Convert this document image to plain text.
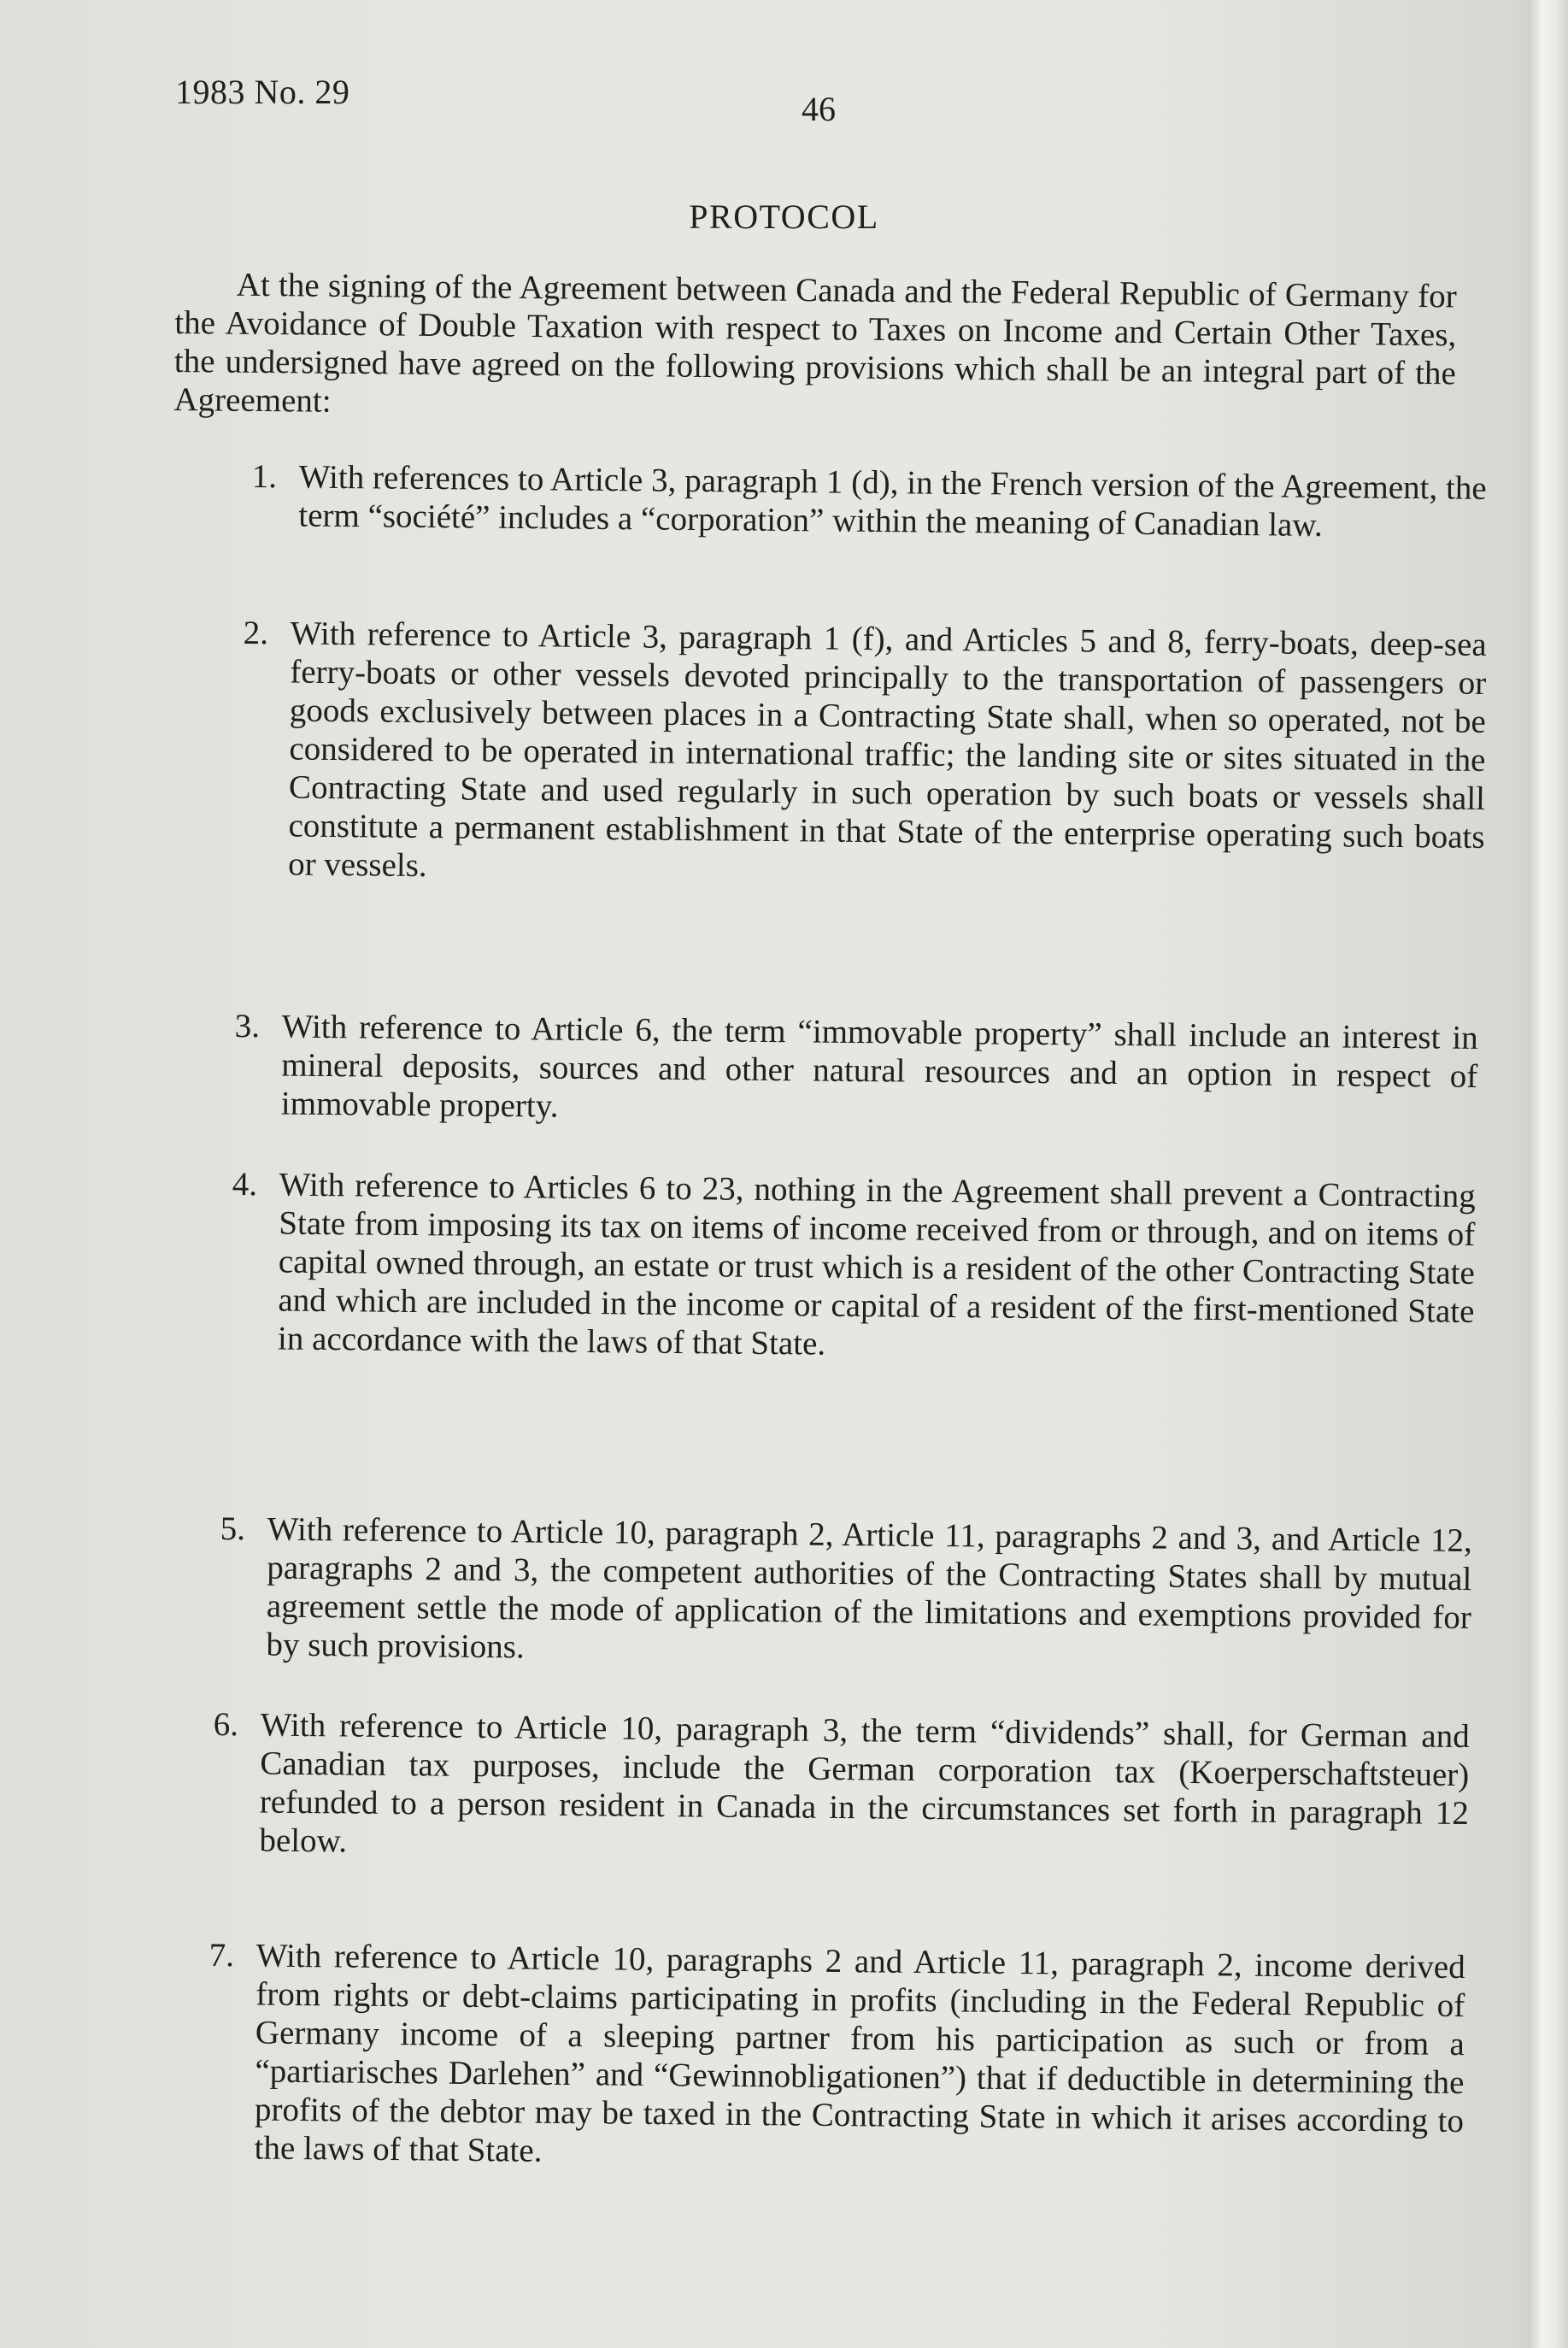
1983 No. 29	46
PROTOCOL
At the signing of the Agreement between Canada and the Federal Republic of Germany for the Avoidance of Double Taxation with respect to Taxes on Income and Certain Other Taxes, the undersigned have agreed on the following provisions which shall be an integral part of the Agreement:
1. With references to Article 3, paragraph 1 (d), in the French version of the Agreement, the term “société” includes a “corporation” within the meaning of Canadian law.
2. With reference to Article 3, paragraph 1 (f), and Articles 5 and 8, ferry-boats, deep-sea ferry-boats or other vessels devoted principally to the transportation of passengers or goods exclusively between places in a Contracting State shall, when so operated, not be considered to be operated in international traffic; the landing site or sites situated in the Contracting State and used regularly in such operation by such boats or vessels shall constitute a permanent establishment in that State of the enterprise operating such boats or vessels.
3. With reference to Article 6, the term “immovable property” shall include an interest in mineral deposits, sources and other natural resources and an option in respect of immovable property.
4. With reference to Articles 6 to 23, nothing in the Agreement shall prevent a Contracting State from imposing its tax on items of income received from or through, and on items of capital owned through, an estate or trust which is a resident of the other Contracting State and which are included in the income or capital of a resident of the first-mentioned State in accordance with the laws of that State.
5. With reference to Article 10, paragraph 2, Article 11, paragraphs 2 and 3, and Article 12, paragraphs 2 and 3, the competent authorities of the Contracting States shall by mutual agreement settle the mode of application of the limitations and exemptions provided for by such provisions.
6. With reference to Article 10, paragraph 3, the term “dividends” shall, for German and Canadian tax purposes, include the German corporation tax (Koerperschaftsteuer) refunded to a person resident in Canada in the circumstances set forth in paragraph 12 below.
7. With reference to Article 10, paragraphs 2 and Article 11, paragraph 2, income derived from rights or debt-claims participating in profits (including in the Federal Republic of Germany income of a sleeping partner from his participation as such or from a “partiarisches Darlehen” and “Gewinnobligationen”) that if deductible in determining the profits of the debtor may be taxed in the Contracting State in which it arises according to the laws of that State.
